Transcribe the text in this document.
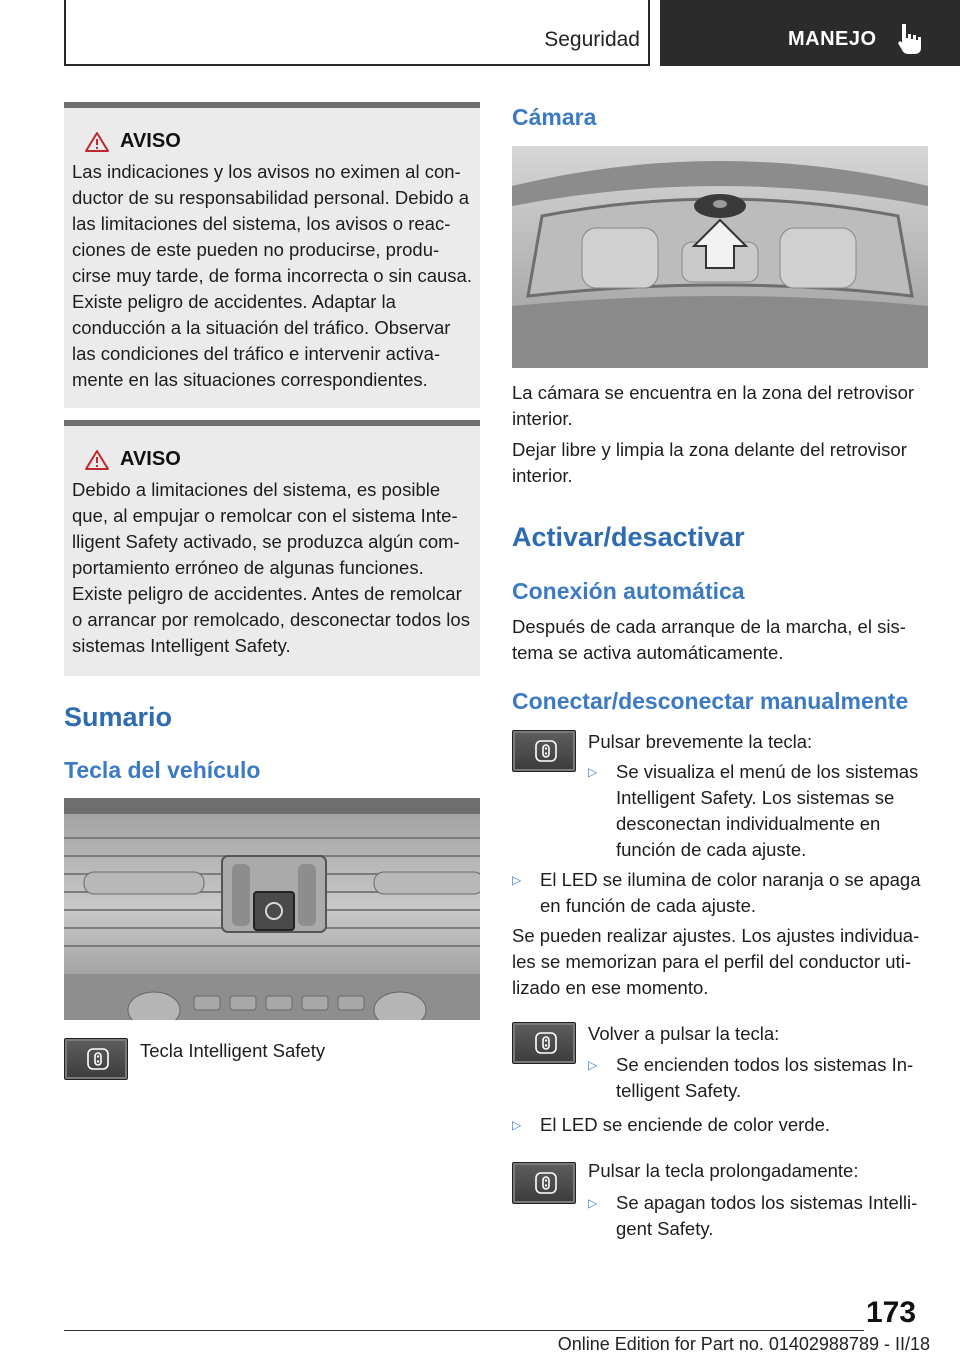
Seguridad	MANEJO
AVISO
Las indicaciones y los avisos no eximen al conductor de su responsabilidad personal. Debido a las limitaciones del sistema, los avisos o reacciones de este pueden no producirse, producirse muy tarde, de forma incorrecta o sin causa. Existe peligro de accidentes. Adaptar la conducción a la situación del tráfico. Observar las condiciones del tráfico e intervenir activamente en las situaciones correspondientes.
AVISO
Debido a limitaciones del sistema, es posible que, al empujar o remolcar con el sistema Intelligent Safety activado, se produzca algún comportamiento erróneo de algunas funciones. Existe peligro de accidentes. Antes de remolcar o arrancar por remolcado, desconectar todos los sistemas Intelligent Safety.
Sumario
Tecla del vehículo
Tecla Intelligent Safety
Cámara
La cámara se encuentra en la zona del retrovisor interior.
Dejar libre y limpia la zona delante del retrovisor interior.
Activar/desactivar
Conexión automática
Después de cada arranque de la marcha, el sistema se activa automáticamente.
Conectar/desconectar manualmente
Pulsar brevemente la tecla:
▷	Se visualiza el menú de los sistemas Intelligent Safety. Los sistemas se desconectan individualmente en función de cada ajuste.
▷	El LED se ilumina de color naranja o se apaga en función de cada ajuste.
Se pueden realizar ajustes. Los ajustes individuales se memorizan para el perfil del conductor utilizado en ese momento.
Volver a pulsar la tecla:
▷	Se encienden todos los sistemas Intelligent Safety.
▷	El LED se enciende de color verde.
Pulsar la tecla prolongadamente:
▷	Se apagan todos los sistemas Intelligent Safety.
173
Online Edition for Part no. 01402988789 - II/18
